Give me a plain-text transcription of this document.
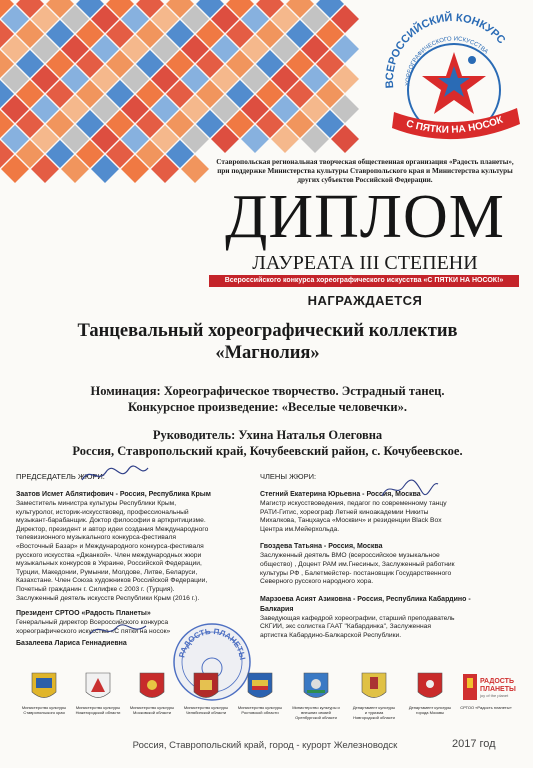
ВСЕРОССИЙСКИЙ КОНКУРС
ХОРЕОГРАФИЧЕСКОГО ИСКУССТВА
С ПЯТКИ НА НОСОК
Ставропольская региональная творческая общественная организация «Радость планеты»,
при поддержке Министерства культуры Ставропольского края и Министерства культуры
других субъектов Российской Федерации.
ДИПЛОМ
ЛАУРЕАТА III СТЕПЕНИ
Всероссийского конкурса хореографического искусства «С ПЯТКИ НА НОСОК!»
НАГРАЖДАЕТСЯ
Танцевальный хореографический коллектив
«Магнолия»
Номинация: Хореографическое творчество. Эстрадный танец.
Конкурсное произведение: «Веселые человечки».
Руководитель: Ухина Наталья Олеговна
Россия, Ставропольский край, Кочубеевский район, с. Кочубеевское.
ПРЕДСЕДАТЕЛЬ ЖЮРИ:
Заатов Исмет Аблятифович - Россия, Республика Крым
Заместитель министра культуры Республики Крым,
культуролог, историк-искусствовед, профессиональный
музыкант-барабанщик. Доктор философии в арткритицизме.
Директор, президент и автор идеи создания Международного
телевизионного музыкального конкурса-фестиваля
«Восточный Базар» и Международного конкурса-фестиваля
русского искусства «Джанкой». Член международных жюри
музыкальных конкурсов в Украине, Российской Федерации,
Турции, Македонии, Румынии, Молдове, Литве, Беларуси,
Казахстане. Член Союза художников Российской Федерации,
Почетный гражданин г. Силифке с 2003 г. (Турция).
Заслуженный деятель искусств Республики Крым (2016 г.).
Президент СРТОО «Радость Планеты»
Генеральный директор Всероссийского конкурса
хореографического искусства «С пятки на носок»
Базалеева Лариса Геннадиевна
ЧЛЕНЫ ЖЮРИ:
Стегний Екатерина Юрьевна - Россия, Москва
Магистр искусствоведения, педагог по современному танцу
РАТИ-Гитис, хореограф Летней киноакадемии Никиты
Михалкова, Танцхауса «Москвич» и резиденции Black Box
Центра им.Мейерхольда.
Гвоздева Татьяна - Россия, Москва
Заслуженный деятель ВМО (всероссийское музыкальное
общество) , Доцент РАМ им.Гнесиных, Заслуженный работник
культуры РФ , Балетмейстер- постановщик Государственного
Северного русского народного хора.
Марзоева Асият Азиковна - Россия, Республика Кабардино -
Балкария
Заведующая кафедрой хореографии, старший преподаватель
СКГИИ, экс солистка ГААТ "Кабардинка", Заслуженная
артистка Кабардино-Балкарской Республики.
РАДОСТЬ ПЛАНЕТЫ
Министерство культуры
Ставропольского края
Министерство культуры
Нижегородской области
Министерство культуры
Московской области
Министерство культуры
Челябинской области
Министерство культуры
Ростовской области
Министерство культуры и
внешних связей
Оренбургской области
Департамент культуры
и туризма
Новгородской области
Департамент культуры
города Москвы
РАДОСТЬ
ПЛАНЕТЫ
joy of the planet
СРТОО «Радость планеты»
Россия, Ставропольский край, город - курорт Железноводск	2017 год
